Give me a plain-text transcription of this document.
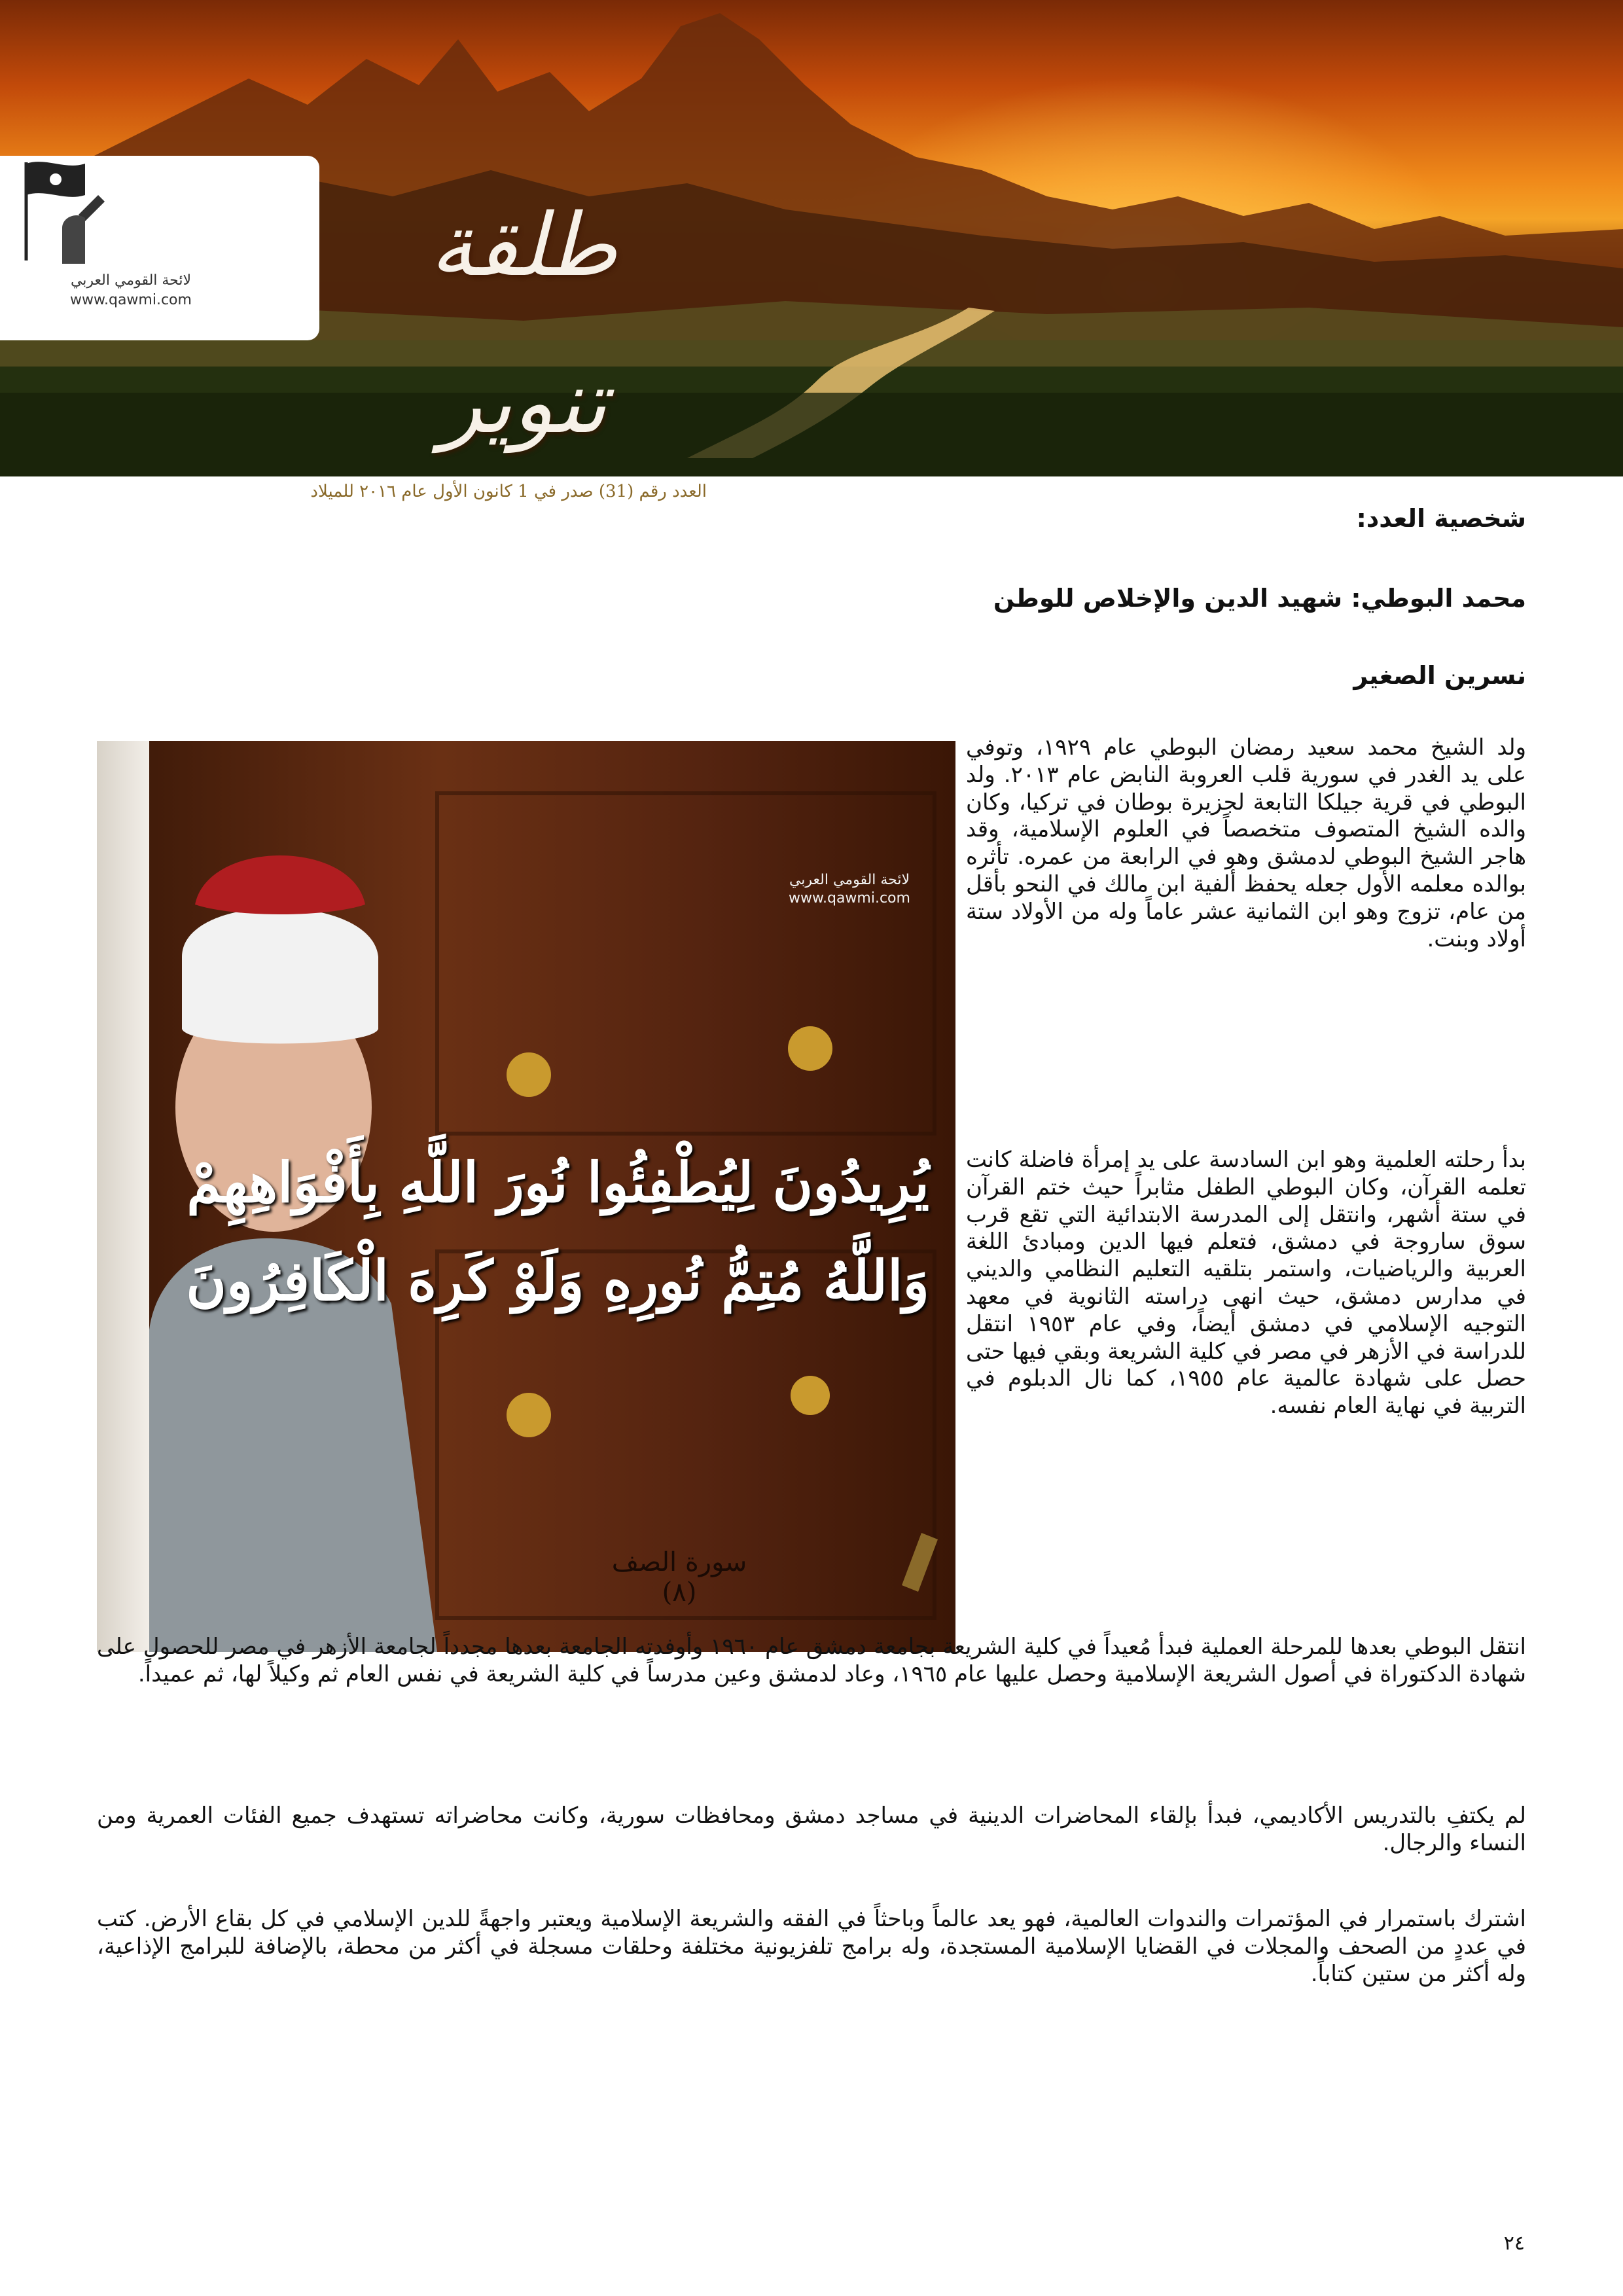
لائحة القومي العربي
www.qawmi.com
طلقة تنوير
العدد رقم (31) صدر في 1 كانون الأول عام ٢٠١٦ للميلاد
شخصية العدد:
محمد البوطي: شهيد الدين والإخلاص للوطن
نسرين الصغير
لائحة القومي العربي
www.qawmi.com
يُرِيدُونَ لِيُطْفِئُوا نُورَ اللَّهِ بِأَفْوَاهِهِمْ
وَاللَّهُ مُتِمُّ نُورِهِ وَلَوْ كَرِهَ الْكَافِرُونَ
سورة الصف (٨)

ولد الشيخ محمد سعيد رمضان البوطي عام ١٩٢٩، وتوفي على يد الغدر في سورية قلب العروبة النابض عام ٢٠١٣. ولد البوطي في قرية جيلكا التابعة لجزيرة بوطان في تركيا، وكان والده الشيخ المتصوف متخصصاً في العلوم الإسلامية، وقد هاجر الشيخ البوطي لدمشق وهو في الرابعة من عمره. تأثره بوالده معلمه الأول جعله يحفظ ألفية ابن مالك في النحو بأقل من عام، تزوج وهو ابن الثمانية عشر عاماً وله من الأولاد ستة أولاد وبنت.

بدأ رحلته العلمية وهو ابن السادسة على يد إمرأة فاضلة كانت تعلمه القرآن، وكان البوطي الطفل مثابراً حيث ختم القرآن في ستة أشهر، وانتقل إلى المدرسة الابتدائية التي تقع قرب سوق ساروجة في دمشق، فتعلم فيها الدين ومبادئ اللغة العربية والرياضيات، واستمر بتلقيه التعليم النظامي والديني في مدارس دمشق، حيث انهى دراسته الثانوية في معهد التوجيه الإسلامي في دمشق أيضاً، وفي عام ١٩٥٣ انتقل للدراسة في الأزهر في مصر في كلية الشريعة وبقي فيها حتى حصل على شهادة عالمية عام ١٩٥٥، كما نال الدبلوم في التربية في نهاية العام نفسه.

انتقل البوطي بعدها للمرحلة العملية فبدأ مُعيداً في كلية الشريعة بجامعة دمشق عام ١٩٦٠ وأوفدته الجامعة بعدها مجدداً لجامعة الأزهر في مصر للحصول على شهادة الدكتوراة في أصول الشريعة الإسلامية وحصل عليها عام ١٩٦٥، وعاد لدمشق وعين مدرساً في كلية الشريعة في نفس العام ثم وكيلاً لها، ثم عميداً.

لم يكتفِ بالتدريس الأكاديمي، فبدأ بإلقاء المحاضرات الدينية في مساجد دمشق ومحافظات سورية، وكانت محاضراته تستهدف جميع الفئات العمرية ومن النساء والرجال.

اشترك باستمرار في المؤتمرات والندوات العالمية، فهو يعد عالماً وباحثاً في الفقه والشريعة الإسلامية ويعتبر واجهةً للدين الإسلامي في كل بقاع الأرض. كتب في عددٍ من الصحف والمجلات في القضايا الإسلامية المستجدة، وله برامج تلفزيونية مختلفة وحلقات مسجلة في أكثر من محطة، بالإضافة للبرامج الإذاعية، وله أكثر من ستين كتاباً.

٢٤
